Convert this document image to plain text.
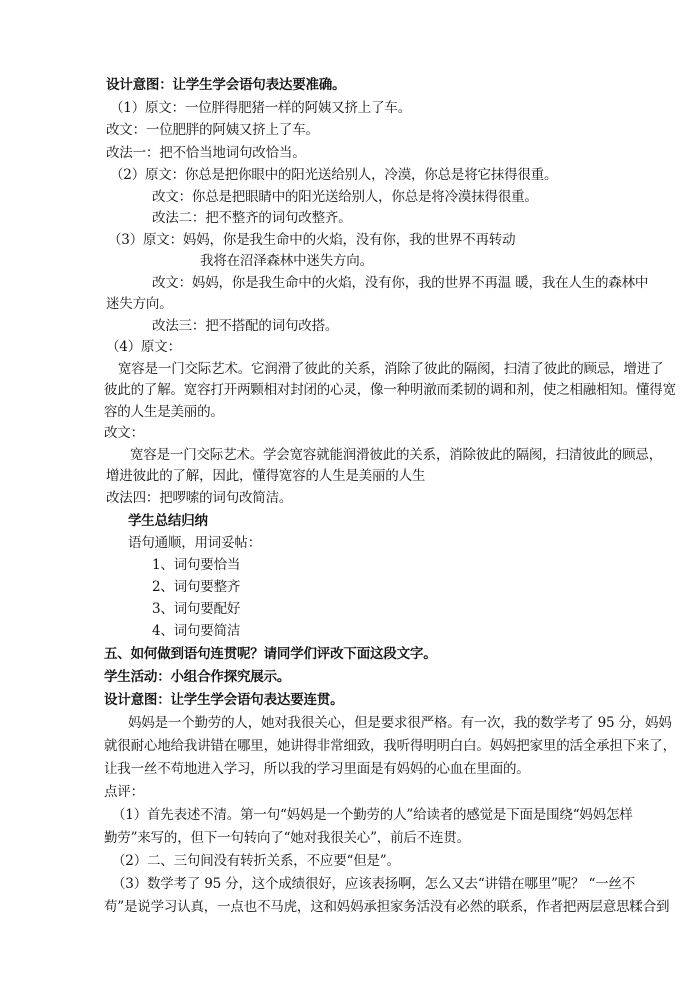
设计意图：让学生学会语句表达要准确。
（1）原文：一位胖得肥猪一样的阿姨又挤上了车。
改文：一位肥胖的阿姨又挤上了车。
改法一：把不恰当地词句改恰当。
（2）原文：你总是把你眼中的阳光送给别人，冷漠，你总是将它抹得很重。
改文：你总是把眼睛中的阳光送给别人，你总是将冷漠抹得很重。
改法二：把不整齐的词句改整齐。
（3）原文：妈妈，你是我生命中的火焰，没有你，我的世界不再转动
我将在沼泽森林中迷失方向。
改文：妈妈，你是我生命中的火焰，没有你，我的世界不再温 暖，我在人生的森林中
迷失方向。
改法三：把不搭配的词句改搭。
（4）原文：
宽容是一门交际艺术。它润滑了彼此的关系，消除了彼此的隔阂，扫清了彼此的顾忌，增进了
彼此的了解。宽容打开两颗相对封闭的心灵，像一种明澈而柔韧的调和剂，使之相融相知。懂得宽
容的人生是美丽的。
改文：
宽容是一门交际艺术。学会宽容就能润滑彼此的关系，消除彼此的隔阂，扫清彼此的顾忌，
增进彼此的了解，因此，懂得宽容的人生是美丽的人生
改法四：把啰嗦的词句改简洁。
学生总结归纳
语句通顺，用词妥帖：
1、词句要恰当
2、词句要整齐
3、词句要配好
4、词句要简洁
五、如何做到语句连贯呢？请同学们评改下面这段文字。
学生活动：小组合作探究展示。
设计意图：让学生学会语句表达要连贯。
妈妈是一个勤劳的人，她对我很关心，但是要求很严格。有一次，我的数学考了 95 分，妈妈
就很耐心地给我讲错在哪里，她讲得非常细致，我听得明明白白。妈妈把家里的活全承担下来了，
让我一丝不苟地进入学习，所以我的学习里面是有妈妈的心血在里面的。
点评：
（1）首先表述不清。第一句“妈妈是一个勤劳的人”给读者的感觉是下面是围绕“妈妈怎样
勤劳”来写的，但下一句转向了“她对我很关心”，前后不连贯。
（2）二、三句间没有转折关系，不应要“但是”。
（3）数学考了 95 分，这个成绩很好，应该表扬啊，怎么又去“讲错在哪里”呢？ “一丝不
苟”是说学习认真，一点也不马虎，这和妈妈承担家务活没有必然的联系，作者把两层意思糅合到
